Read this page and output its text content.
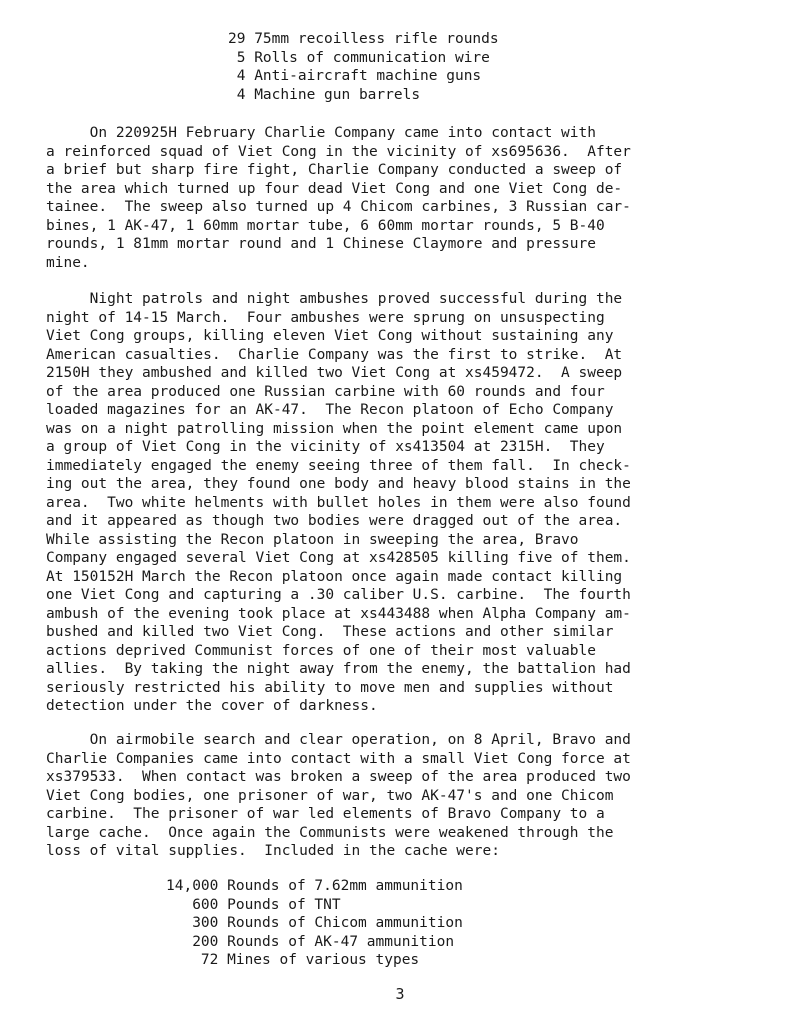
29 75mm recoilless rifle rounds
5 Rolls of communication wire
4 Anti-aircraft machine guns
4 Machine gun barrels
On 220925H February Charlie Company came into contact with
a reinforced squad of Viet Cong in the vicinity of xs695636.  After
a brief but sharp fire fight, Charlie Company conducted a sweep of
the area which turned up four dead Viet Cong and one Viet Cong de-
tainee.  The sweep also turned up 4 Chicom carbines, 3 Russian car-
bines, 1 AK-47, 1 60mm mortar tube, 6 60mm mortar rounds, 5 B-40
rounds, 1 81mm mortar round and 1 Chinese Claymore and pressure
mine.
Night patrols and night ambushes proved successful during the
night of 14-15 March.  Four ambushes were sprung on unsuspecting
Viet Cong groups, killing eleven Viet Cong without sustaining any
American casualties.  Charlie Company was the first to strike.  At
2150H they ambushed and killed two Viet Cong at xs459472.  A sweep
of the area produced one Russian carbine with 60 rounds and four
loaded magazines for an AK-47.  The Recon platoon of Echo Company
was on a night patrolling mission when the point element came upon
a group of Viet Cong in the vicinity of xs413504 at 2315H.  They
immediately engaged the enemy seeing three of them fall.  In check-
ing out the area, they found one body and heavy blood stains in the
area.  Two white helments with bullet holes in them were also found
and it appeared as though two bodies were dragged out of the area.
While assisting the Recon platoon in sweeping the area, Bravo
Company engaged several Viet Cong at xs428505 killing five of them.
At 150152H March the Recon platoon once again made contact killing
one Viet Cong and capturing a .30 caliber U.S. carbine.  The fourth
ambush of the evening took place at xs443488 when Alpha Company am-
bushed and killed two Viet Cong.  These actions and other similar
actions deprived Communist forces of one of their most valuable
allies.  By taking the night away from the enemy, the battalion had
seriously restricted his ability to move men and supplies without
detection under the cover of darkness.
On airmobile search and clear operation, on 8 April, Bravo and
Charlie Companies came into contact with a small Viet Cong force at
xs379533.  When contact was broken a sweep of the area produced two
Viet Cong bodies, one prisoner of war, two AK-47's and one Chicom
carbine.  The prisoner of war led elements of Bravo Company to a
large cache.  Once again the Communists were weakened through the
loss of vital supplies.  Included in the cache were:
14,000 Rounds of 7.62mm ammunition
600 Pounds of TNT
300 Rounds of Chicom ammunition
200 Rounds of AK-47 ammunition
72 Mines of various types
3
